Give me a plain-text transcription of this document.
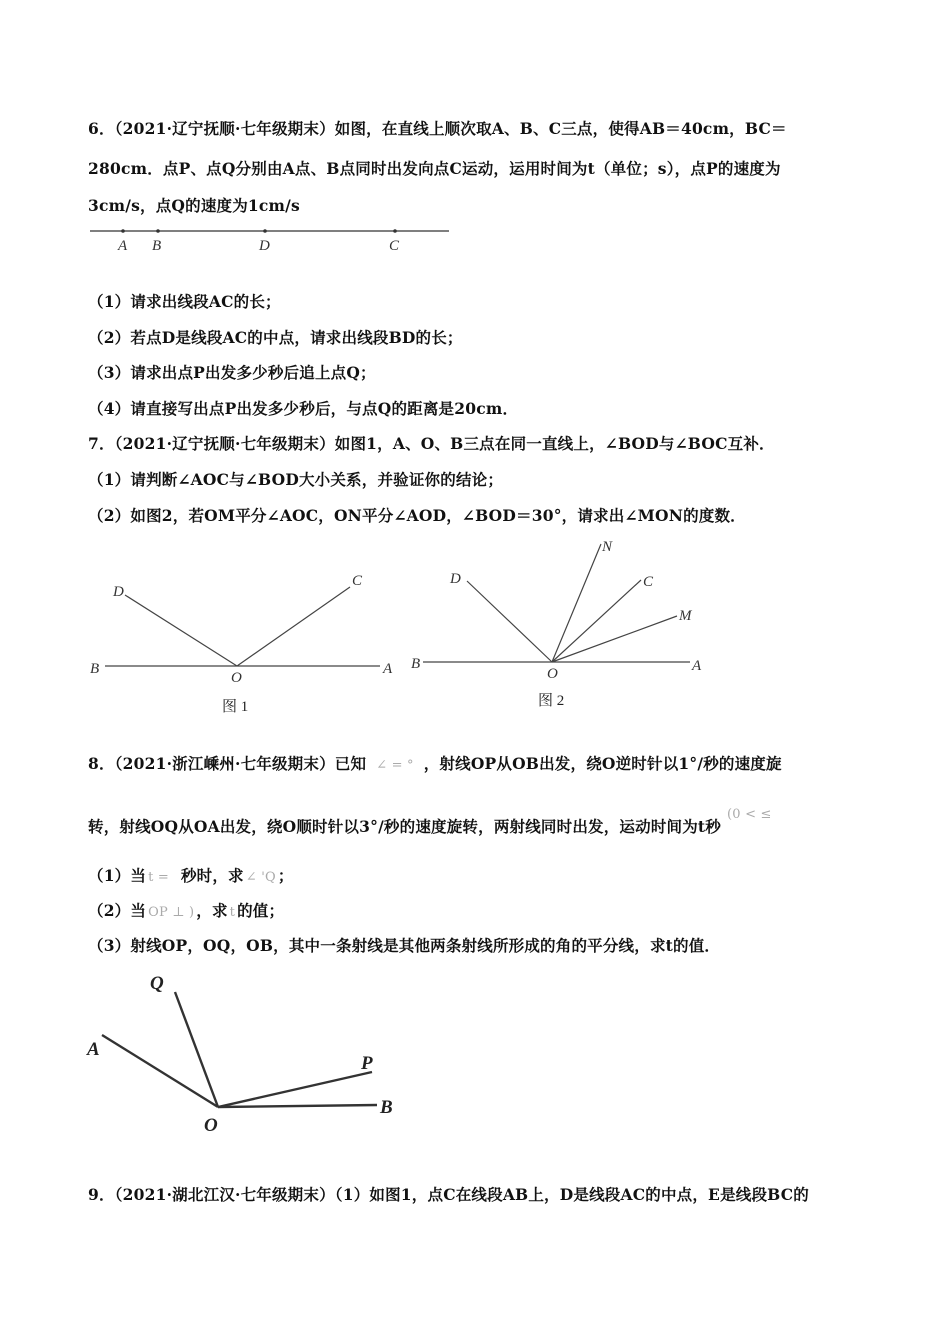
6．（2021·辽宁抚顺·七年级期末）如图，在直线上顺次取A、B、C三点，使得AB＝40cm，BC＝
280cm．点P、点Q分别由A点、B点同时出发向点C运动，运用时间为t（单位；s），点P的速度为
3cm/s，点Q的速度为1cm/s
A B	D	C
（1）请求出线段AC的长；
（2）若点D是线段AC的中点，请求出线段BD的长；
（3）请求出点P出发多少秒后追上点Q；
（4）请直接写出点P出发多少秒后，与点Q的距离是20cm．
7．（2021·辽宁抚顺·七年级期末）如图1，A、O、B三点在同一直线上，∠BOD与∠BOC互补．
（1）请判断∠AOC与∠BOD大小关系，并验证你的结论；
（2）如图2，若OM平分∠AOC，ON平分∠AOD，∠BOD＝30°，请求出∠MON的度数．
D
C
B
O
A
图 1
N
D	C
M
B
O	A
图 2
8．（2021·浙江嵊州·七年级期末）已知 ∠ = ° ，射线OP从OB出发，绕O逆时针以1°/秒的速度旋
转，射线OQ从OA出发，绕O顺时针以3°/秒的速度旋转，两射线同时出发，运动时间为t秒$^{(0 < \le}$
（1）当 t = 秒时，求 ∠ 'Q ；
（2）当 OP ⊥ ) ，求 t 的值；
（3）射线OP，OQ，OB，其中一条射线是其他两条射线所形成的角的平分线，求t的值．
Q
A
P
B
O
9．（2021·湖北江汉·七年级期末）（1）如图1，点C在线段AB上，D是线段AC的中点，E是线段BC的
